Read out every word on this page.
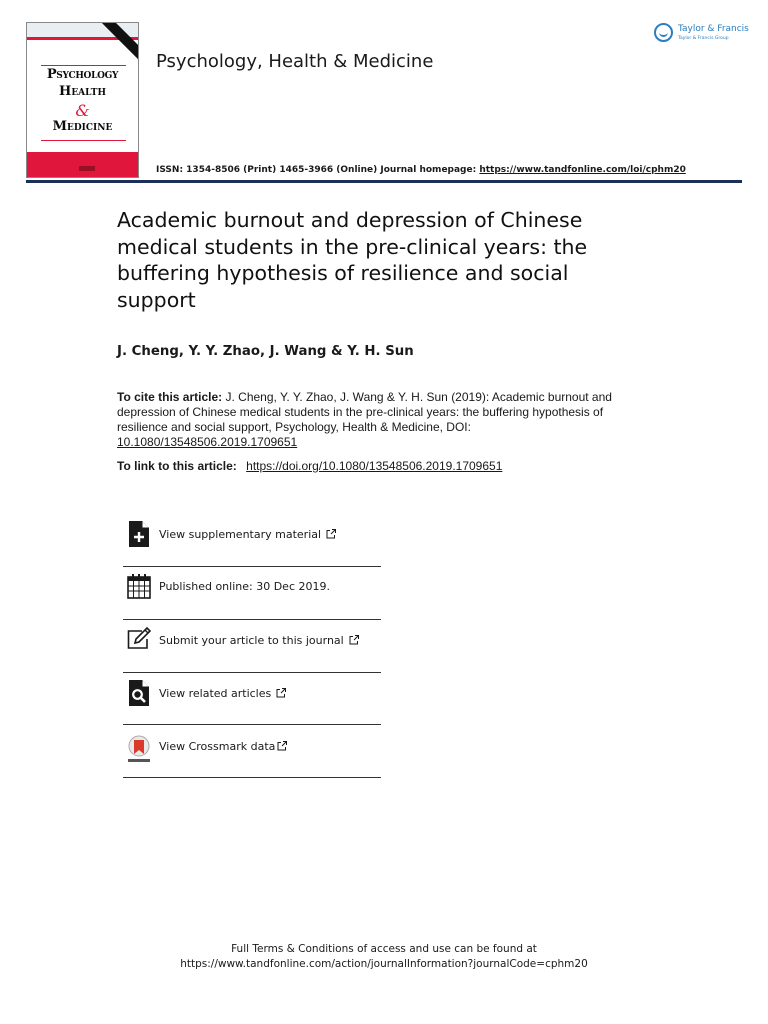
Psychology
Health
&
Medicine
Psychology, Health & Medicine
Taylor & Francis
Taylor & Francis Group
ISSN: 1354-8506 (Print) 1465-3966 (Online) Journal homepage: https://www.tandfonline.com/loi/cphm20
Academic burnout and depression of Chinese medical students in the pre-clinical years: the buffering hypothesis of resilience and social support
J. Cheng, Y. Y. Zhao, J. Wang & Y. H. Sun
To cite this article: J. Cheng, Y. Y. Zhao, J. Wang & Y. H. Sun (2019): Academic burnout and depression of Chinese medical students in the pre-clinical years: the buffering hypothesis of resilience and social support, Psychology, Health & Medicine, DOI: 10.1080/13548506.2019.1709651
To link to this article: https://doi.org/10.1080/13548506.2019.1709651
View supplementary material
Published online: 30 Dec 2019.
Submit your article to this journal
View related articles
View Crossmark data
Full Terms & Conditions of access and use can be found at
https://www.tandfonline.com/action/journalInformation?journalCode=cphm20
